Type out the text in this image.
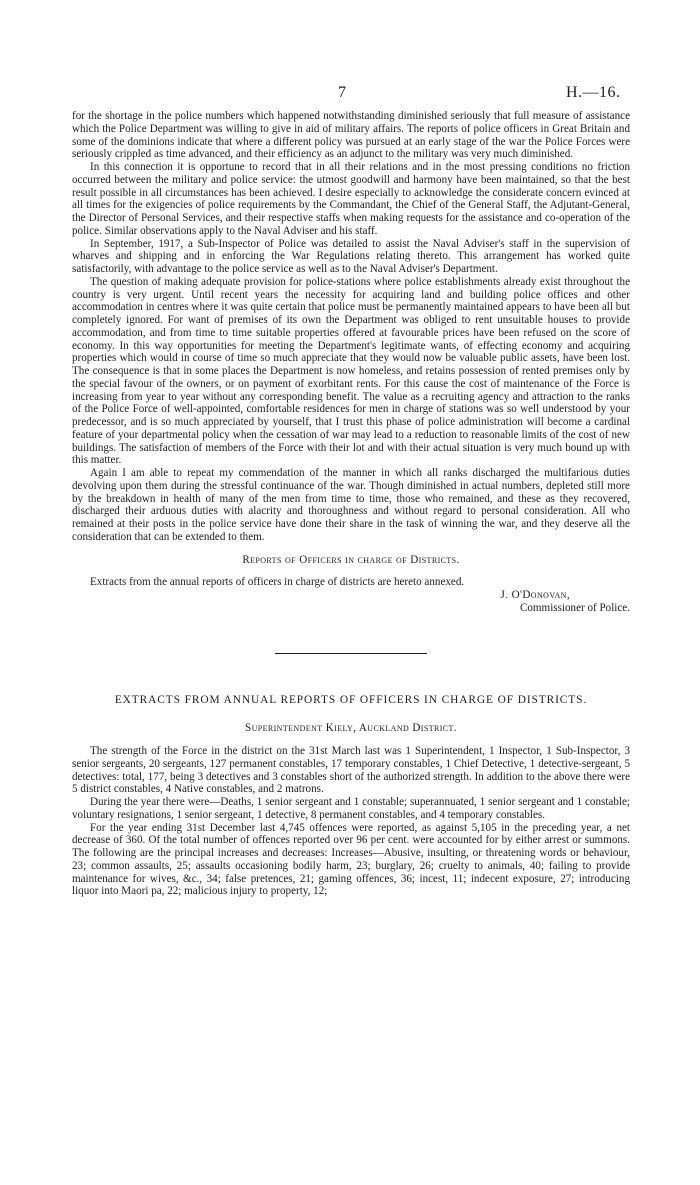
7	H.—16.

for the shortage in the police numbers which happened notwithstanding diminished seriously that full measure of assistance which the Police Department was willing to give in aid of military affairs. The reports of police officers in Great Britain and some of the dominions indicate that where a different policy was pursued at an early stage of the war the Police Forces were seriously crippled as time advanced, and their efficiency as an adjunct to the military was very much diminished.

In this connection it is opportune to record that in all their relations and in the most pressing conditions no friction occurred between the military and police service: the utmost goodwill and harmony have been maintained, so that the best result possible in all circumstances has been achieved. I desire especially to acknowledge the considerate concern evinced at all times for the exigencies of police requirements by the Commandant, the Chief of the General Staff, the Adjutant-General, the Director of Personal Services, and their respective staffs when making requests for the assistance and co-operation of the police. Similar observations apply to the Naval Adviser and his staff.

In September, 1917, a Sub-Inspector of Police was detailed to assist the Naval Adviser's staff in the supervision of wharves and shipping and in enforcing the War Regulations relating thereto. This arrangement has worked quite satisfactorily, with advantage to the police service as well as to the Naval Adviser's Department.

The question of making adequate provision for police-stations where police establishments already exist throughout the country is very urgent. Until recent years the necessity for acquiring land and building police offices and other accommodation in centres where it was quite certain that police must be permanently maintained appears to have been all but completely ignored. For want of premises of its own the Department was obliged to rent unsuitable houses to provide accommodation, and from time to time suitable properties offered at favourable prices have been refused on the score of economy. In this way opportunities for meeting the Department's legitimate wants, of effecting economy and acquiring properties which would in course of time so much appreciate that they would now be valuable public assets, have been lost. The consequence is that in some places the Department is now homeless, and retains possession of rented premises only by the special favour of the owners, or on payment of exorbitant rents. For this cause the cost of maintenance of the Force is increasing from year to year without any corresponding benefit. The value as a recruiting agency and attraction to the ranks of the Police Force of well-appointed, comfortable residences for men in charge of stations was so well understood by your predecessor, and is so much appreciated by yourself, that I trust this phase of police administration will become a cardinal feature of your departmental policy when the cessation of war may lead to a reduction to reasonable limits of the cost of new buildings. The satisfaction of members of the Force with their lot and with their actual situation is very much bound up with this matter.

Again I am able to repeat my commendation of the manner in which all ranks discharged the multifarious duties devolving upon them during the stressful continuance of the war. Though diminished in actual numbers, depleted still more by the breakdown in health of many of the men from time to time, those who remained, and these as they recovered, discharged their arduous duties with alacrity and thoroughness and without regard to personal consideration. All who remained at their posts in the police service have done their share in the task of winning the war, and they deserve all the consideration that can be extended to them.

Reports of Officers in charge of Districts.

Extracts from the annual reports of officers in charge of districts are hereto annexed.

J. O'Donovan,

Commissioner of Police.

EXTRACTS FROM ANNUAL REPORTS OF OFFICERS IN CHARGE OF DISTRICTS.

Superintendent Kiely, Auckland District.

The strength of the Force in the district on the 31st March last was 1 Superintendent, 1 Inspector, 1 Sub-Inspector, 3 senior sergeants, 20 sergeants, 127 permanent constables, 17 temporary constables, 1 Chief Detective, 1 detective-sergeant, 5 detectives: total, 177, being 3 detectives and 3 constables short of the authorized strength. In addition to the above there were 5 district constables, 4 Native constables, and 2 matrons.

During the year there were—Deaths, 1 senior sergeant and 1 constable; superannuated, 1 senior sergeant and 1 constable; voluntary resignations, 1 senior sergeant, 1 detective, 8 permanent constables, and 4 temporary constables.

For the year ending 31st December last 4,745 offences were reported, as against 5,105 in the preceding year, a net decrease of 360. Of the total number of offences reported over 96 per cent. were accounted for by either arrest or summons. The following are the principal increases and decreases: Increases—Abusive, insulting, or threatening words or behaviour, 23; common assaults, 25; assaults occasioning bodily harm, 23; burglary, 26; cruelty to animals, 40; failing to provide maintenance for wives, &c., 34; false pretences, 21; gaming offences, 36; incest, 11; indecent exposure, 27; introducing liquor into Maori pa, 22; malicious injury to property, 12;
